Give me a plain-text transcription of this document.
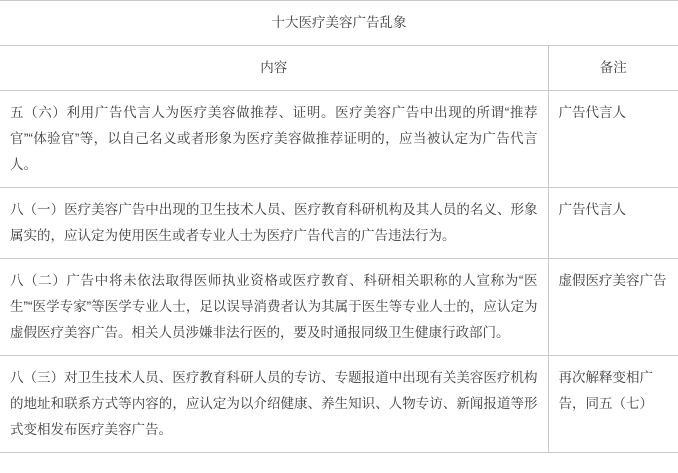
十大医疗美容广告乱象	
内容	备注
五（六）利用广告代言人为医疗美容做推荐、证明。医疗美容广告中出现的所谓“推荐官”“体验官”等，以自己名义或者形象为医疗美容做推荐证明的，应当被认定为广告代言人。	广告代言人
八（一）医疗美容广告中出现的卫生技术人员、医疗教育科研机构及其人员的名义、形象属实的，应认定为使用医生或者专业人士为医疗广告代言的广告违法行为。	广告代言人
八（二）广告中将未依法取得医师执业资格或医疗教育、科研相关职称的人宣称为“医生”“医学专家”等医学专业人士，足以误导消费者认为其属于医生等专业人士的，应认定为虚假医疗美容广告。相关人员涉嫌非法行医的，要及时通报同级卫生健康行政部门。	虚假医疗美容广告
八（三）对卫生技术人员、医疗教育科研人员的专访、专题报道中出现有关美容医疗机构的地址和联系方式等内容的，应认定为以介绍健康、养生知识、人物专访、新闻报道等形式变相发布医疗美容广告。	再次解释变相广告，同五（七）
